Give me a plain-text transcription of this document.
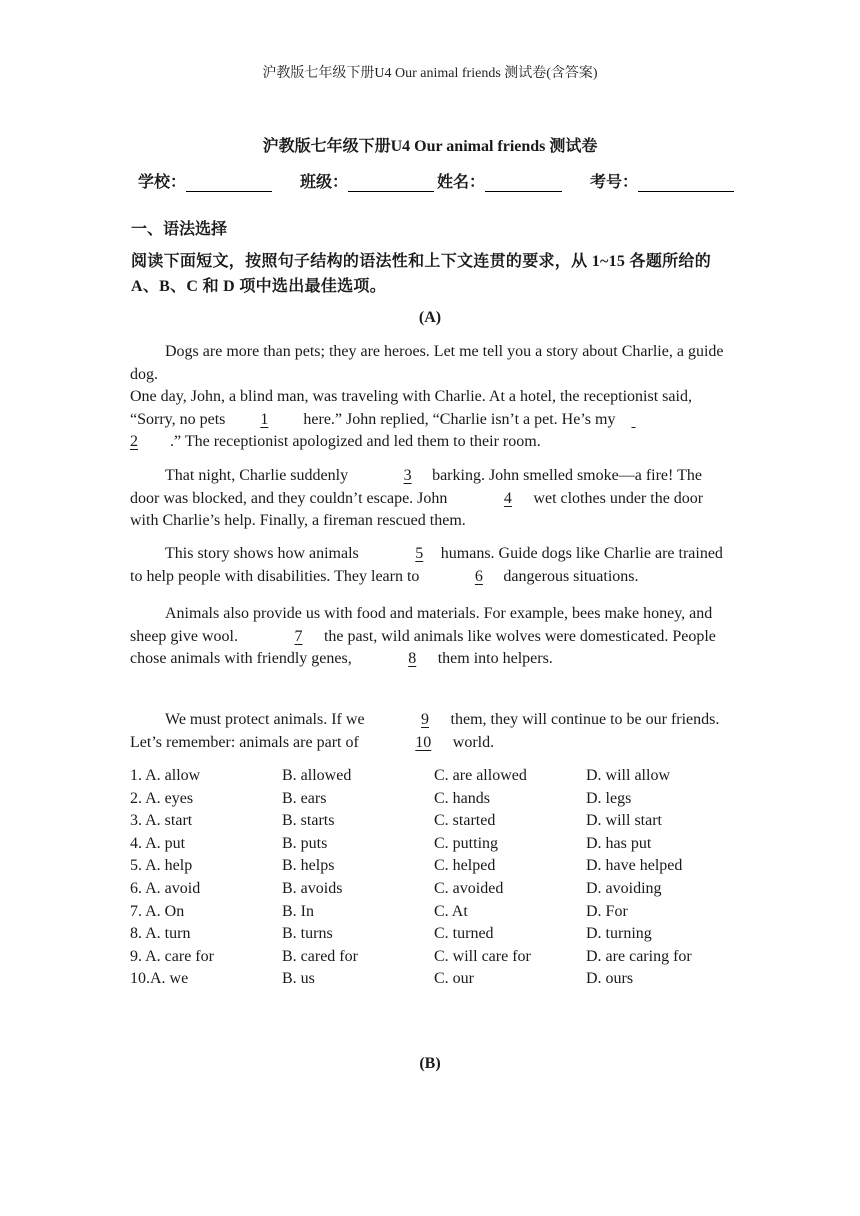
沪教版七年级下册U4 Our animal friends 测试卷(含答案)
沪教版七年级下册U4 Our animal friends 测试卷
学校：	班级：	姓名：	考号：
一、语法选择
阅读下面短文，按照句子结构的语法性和上下文连贯的要求，从 1~15 各题所给的 A、B、C 和 D 项中选出最佳选项。
(A)

Dogs are more than pets; they are heroes. Let me tell you a story about Charlie, a guide dog.

One day, John, a blind man, was traveling with Charlie. At a hotel, the receptionist said, “Sorry, no pets 1 here.” John replied, “Charlie isn’t a pet. He’s my
2 .” The receptionist apologized and led them to their room.

That night, Charlie suddenly	3 barking. John smelled smoke—a fire! The door was blocked, and they couldn’t escape. John	4 wet clothes under the door with Charlie’s help. Finally, a fireman rescued them.
This story shows how animals	5 humans. Guide dogs like Charlie are trained to help people with disabilities. They learn to	6 dangerous situations.
Animals also provide us with food and materials. For example, bees make honey, and sheep give wool.	7 the past, wild animals like wolves were domesticated. People chose animals with friendly genes,	8 them into helpers.
We must protect animals. If we	9 them, they will continue to be our friends. Let’s remember: animals are part of	10 world.
1. A. allow	B. allowed	C. are allowed	D. will allow
2. A. eyes	B. ears	C. hands	D. legs
3. A. start	B. starts	C. started	D. will start
4. A. put	B. puts	C. putting	D. has put
5. A. help	B. helps	C. helped	D. have helped
6. A. avoid	B. avoids	C. avoided	D. avoiding
7. A. On	B. In	C. At	D. For
8. A. turn	B. turns	C. turned	D. turning
9. A. care for	B. cared for	C. will care for	D. are caring for
10.A. we	B. us	C. our	D. ours
(B)
